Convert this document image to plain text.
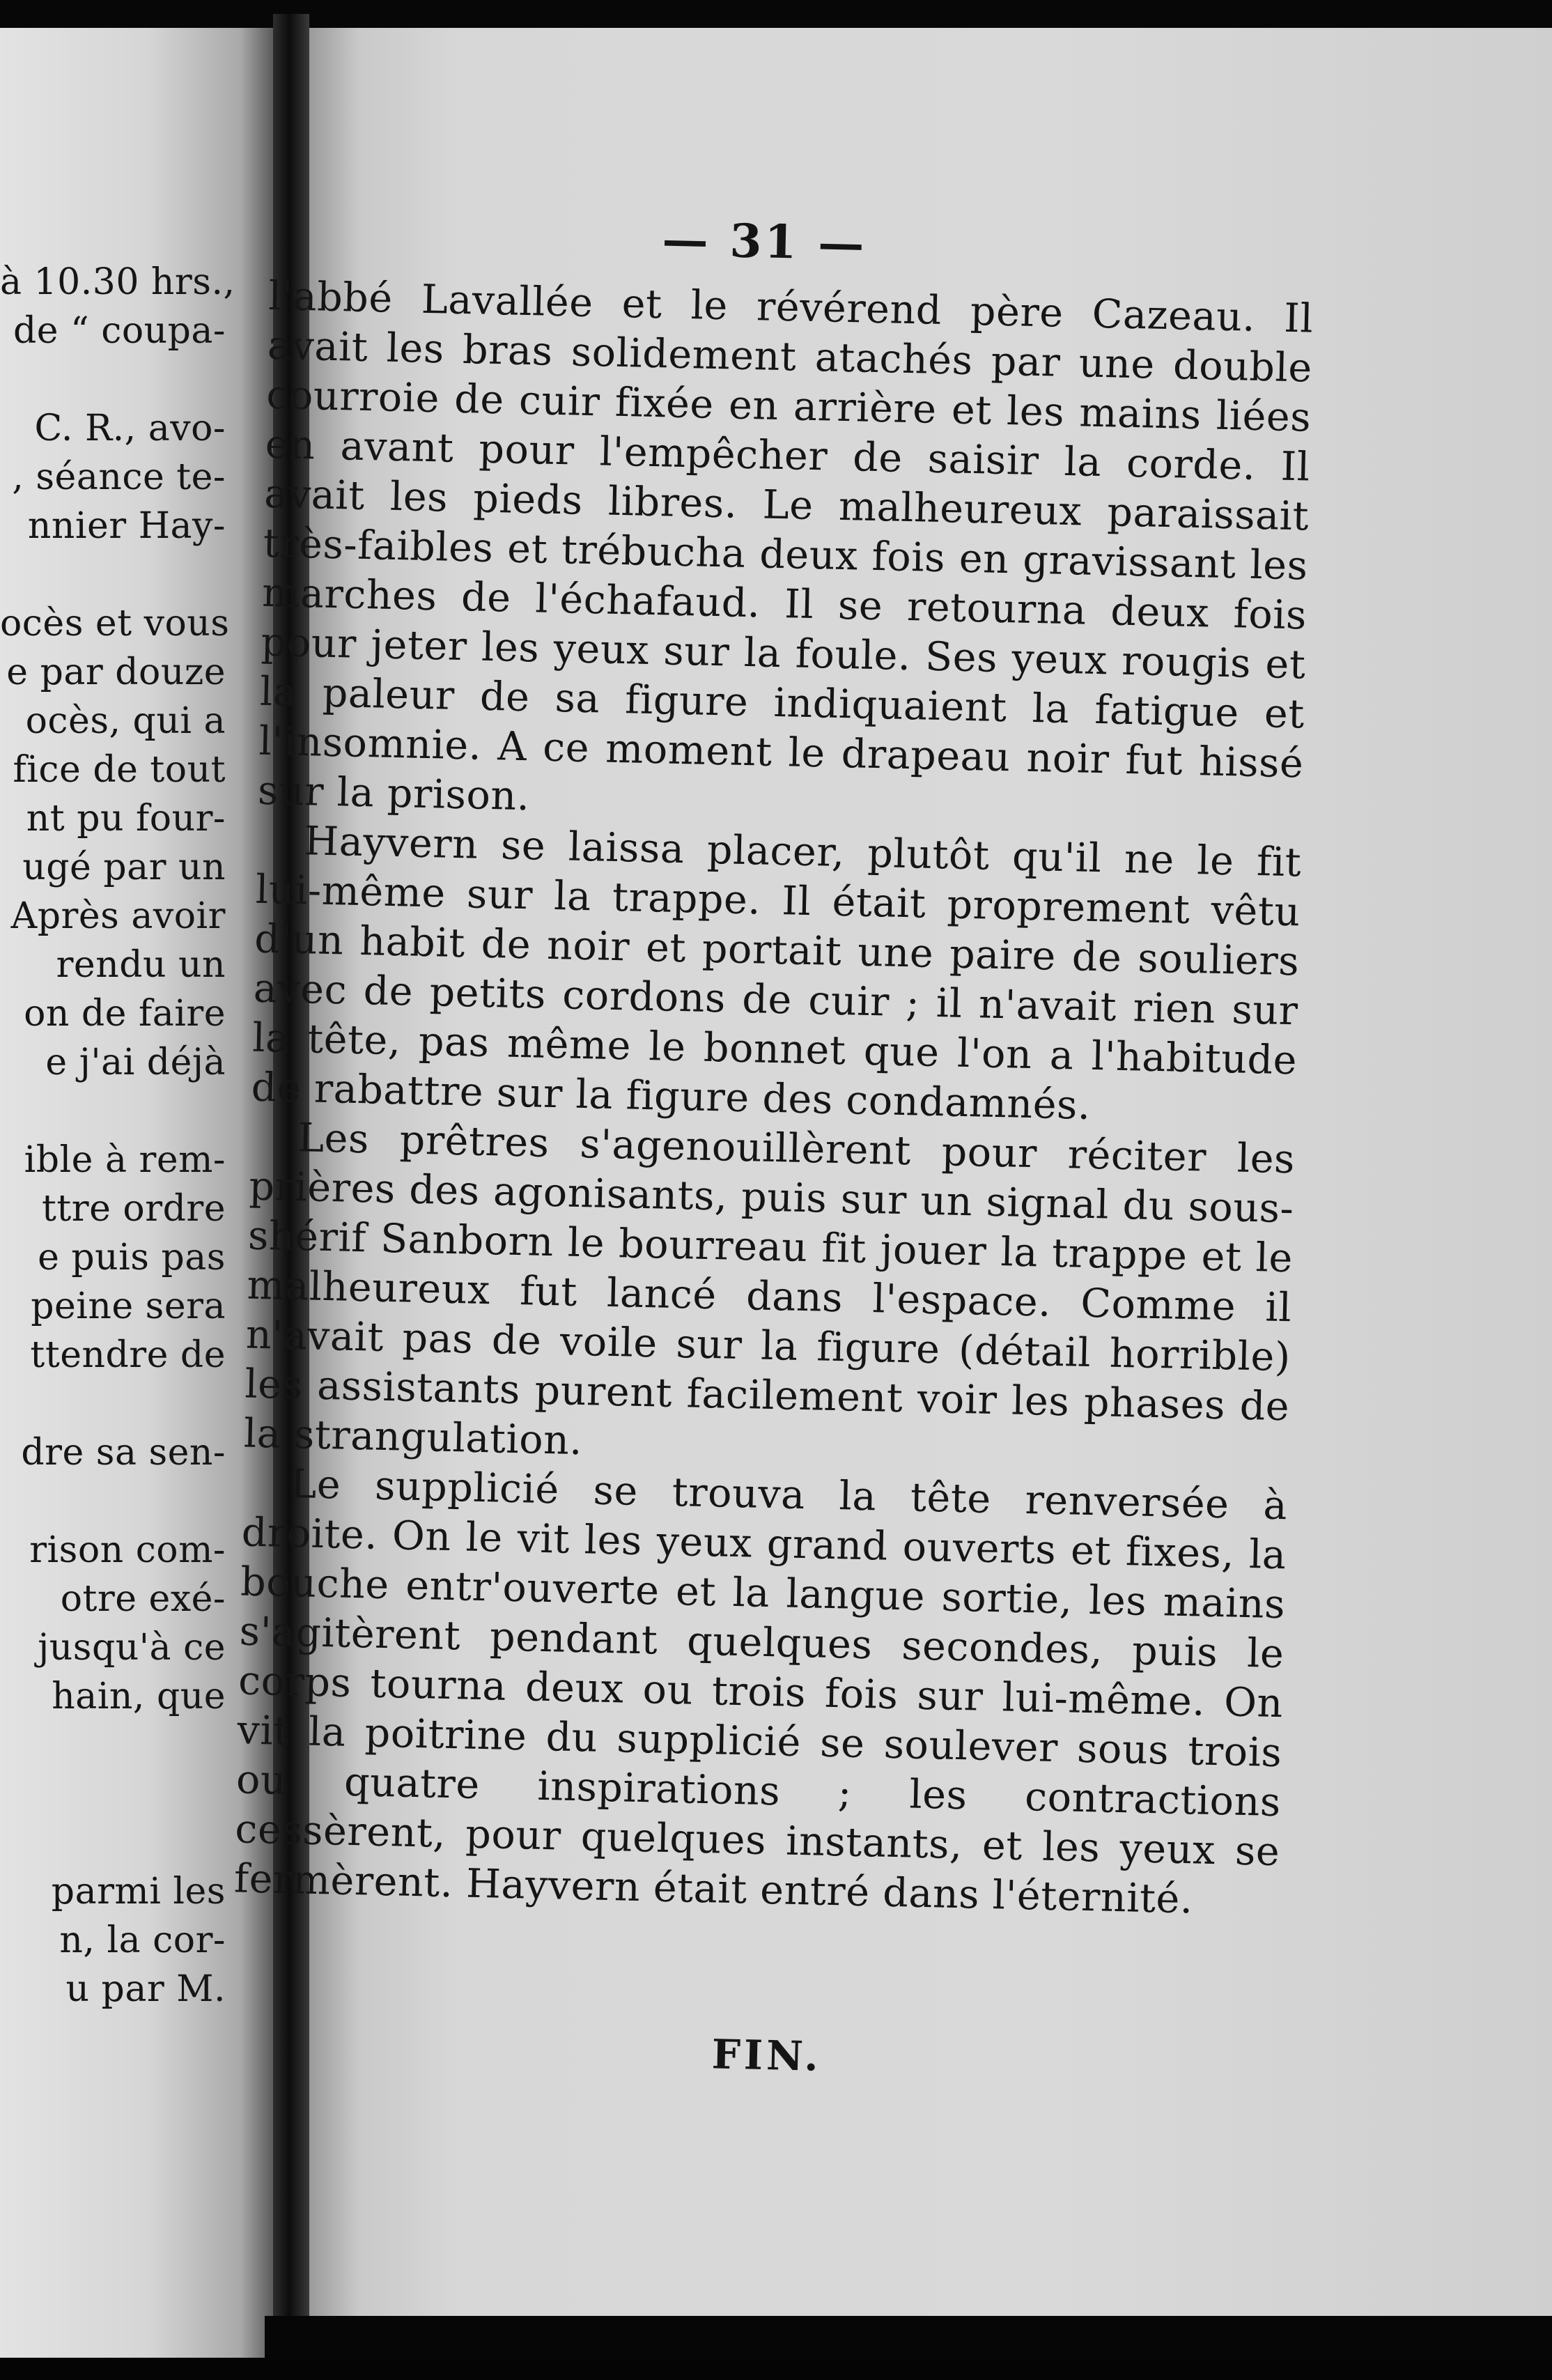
à 10.30 hrs.,
de “ coupa-
C. R., avo-
, séance te-
nnier Hay-
ocès et vous
e par douze
ocès, qui a
fice de tout
nt pu four-
ugé par un
Après avoir
rendu un
on de faire
e j'ai déjà
ible à rem-
ttre ordre
e puis pas
peine sera
ttendre de
dre sa sen-
rison com-
otre exé-
jusqu'à ce
hain, que
parmi les
n, la cor-
u par M.
— 31 —

l'abbé Lavallée et le révérend père Cazeau. Il avait les bras solidement atachés par une double courroie de cuir fixée en arrière et les mains liées en avant pour l'empêcher de saisir la corde. Il avait les pieds libres. Le malheureux paraissait très-faibles et trébucha deux fois en gravissant les marches de l'échafaud. Il se retourna deux fois pour jeter les yeux sur la foule. Ses yeux rougis et la paleur de sa figure indiquaient la fatigue et l'insomnie. A ce moment le drapeau noir fut hissé sur la prison.

Hayvern se laissa placer, plutôt qu'il ne le fit lui-même sur la trappe. Il était proprement vêtu d'un habit de noir et portait une paire de souliers avec de petits cordons de cuir ; il n'avait rien sur la tête, pas même le bonnet que l'on a l'habitude de rabattre sur la figure des condamnés.

Les prêtres s'agenouillèrent pour réciter les prières des agonisants, puis sur un signal du sous-shérif Sanborn le bourreau fit jouer la trappe et le malheureux fut lancé dans l'espace. Comme il n'avait pas de voile sur la figure (détail horrible) les assistants purent facilement voir les phases de la strangulation.

Le supplicié se trouva la tête renversée à droite. On le vit les yeux grand ouverts et fixes, la bouche entr'ouverte et la langue sortie, les mains s'agitèrent pendant quelques secondes, puis le corps tourna deux ou trois fois sur lui-même. On vit la poitrine du supplicié se soulever sous trois ou quatre inspirations ; les contractions cessèrent, pour quelques instants, et les yeux se fermèrent. Hayvern était entré dans l'éternité.

FIN.
